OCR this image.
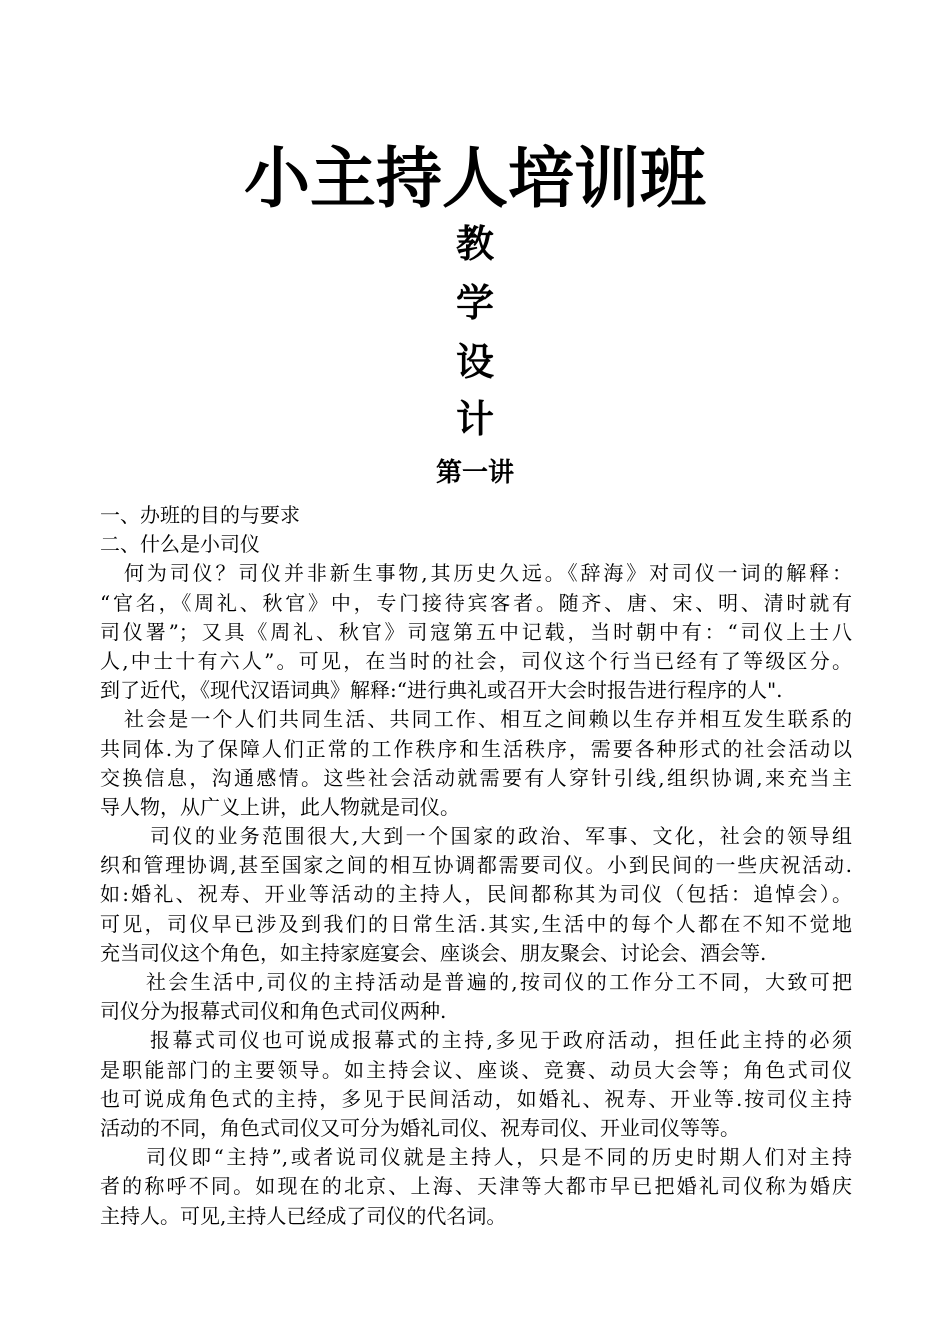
小主持人培训班
教
学
设
计
第一讲
一、办班的目的与要求
二、什么是小司仪
何为司仪？司仪并非新生事物,其历史久远。《辞海》对司仪一词的解释：
“官名，《周礼、秋官》中，专门接待宾客者。随齐、唐、宋、明、清时就有
司仪署”；又具《周礼、秋官》司寇第五中记载，当时朝中有：“司仪上士八
人,中士十有六人”。可见，在当时的社会，司仪这个行当已经有了等级区分。
到了近代，《现代汉语词典》解释:“进行典礼或召开大会时报告进行程序的人".
社会是一个人们共同生活、共同工作、相互之间赖以生存并相互发生联系的
共同体.为了保障人们正常的工作秩序和生活秩序，需要各种形式的社会活动以
交换信息，沟通感情。这些社会活动就需要有人穿针引线,组织协调,来充当主
导人物，从广义上讲，此人物就是司仪。
司仪的业务范围很大,大到一个国家的政治、军事、文化，社会的领导组
织和管理协调,甚至国家之间的相互协调都需要司仪。小到民间的一些庆祝活动.
如:婚礼、祝寿、开业等活动的主持人，民间都称其为司仪（包括：追悼会）。
可见，司仪早已涉及到我们的日常生活.其实,生活中的每个人都在不知不觉地
充当司仪这个角色，如主持家庭宴会、座谈会、朋友聚会、讨论会、酒会等.
社会生活中,司仪的主持活动是普遍的,按司仪的工作分工不同，大致可把
司仪分为报幕式司仪和角色式司仪两种.
报幕式司仪也可说成报幕式的主持,多见于政府活动，担任此主持的必须
是职能部门的主要领导。如主持会议、座谈、竞赛、动员大会等；角色式司仪
也可说成角色式的主持，多见于民间活动，如婚礼、祝寿、开业等.按司仪主持
活动的不同，角色式司仪又可分为婚礼司仪、祝寿司仪、开业司仪等等。
司仪即“主持”,或者说司仪就是主持人，只是不同的历史时期人们对主持
者的称呼不同。如现在的北京、上海、天津等大都市早已把婚礼司仪称为婚庆
主持人。可见,主持人已经成了司仪的代名词。
